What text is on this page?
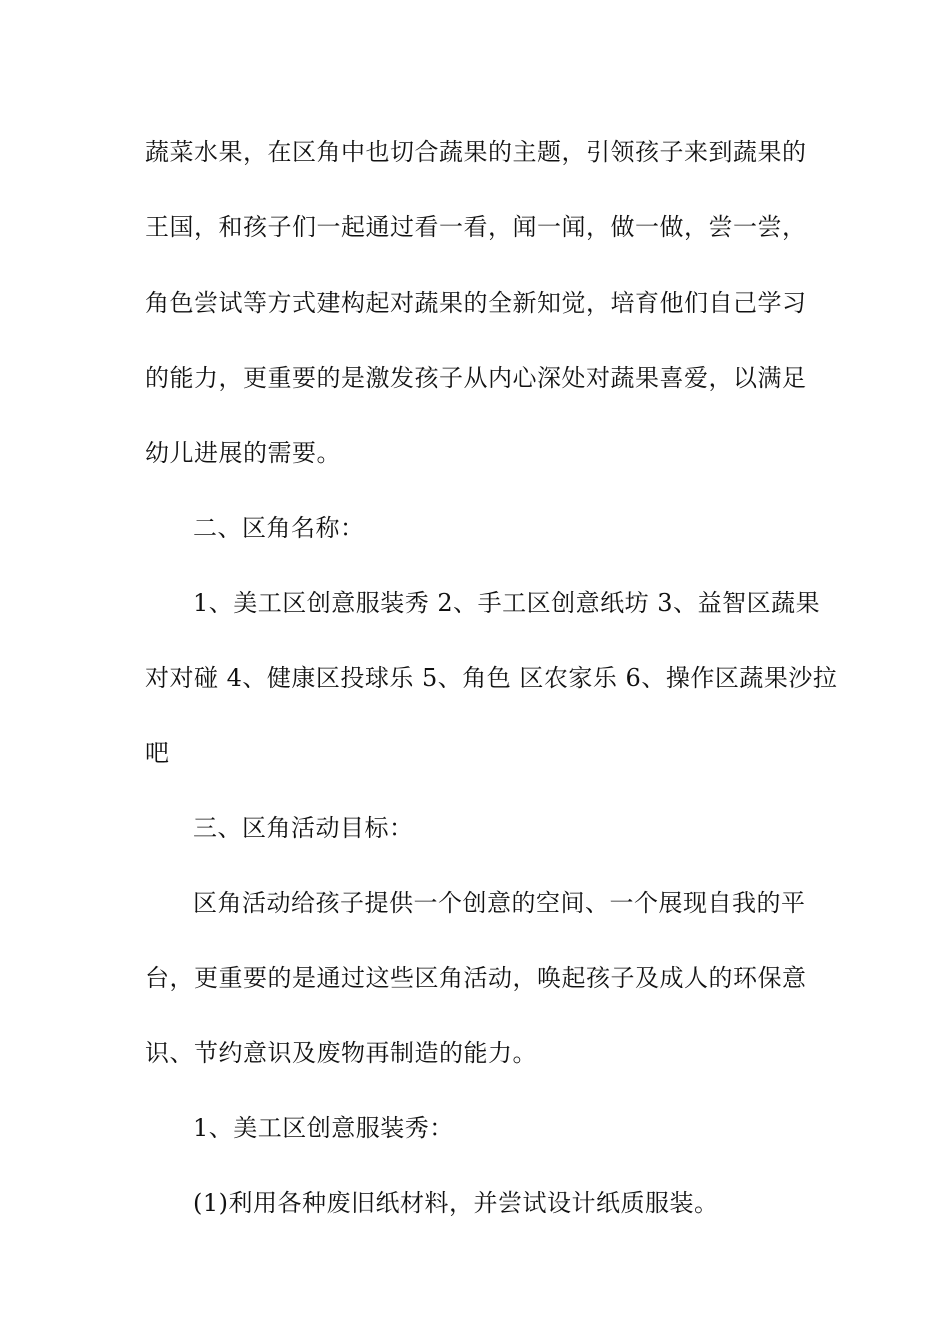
蔬菜水果，在区角中也切合蔬果的主题，引领孩子来到蔬果的
王国，和孩子们一起通过看一看，闻一闻，做一做，尝一尝，
角色尝试等方式建构起对蔬果的全新知觉，培育他们自己学习
的能力，更重要的是激发孩子从内心深处对蔬果喜爱，以满足
幼儿进展的需要。
二、区角名称：
1、美工区创意服装秀 2、手工区创意纸坊 3、益智区蔬果
对对碰 4、健康区投球乐 5、角色 区农家乐 6、操作区蔬果沙拉
吧
三、区角活动目标：
区角活动给孩子提供一个创意的空间、一个展现自我的平
台，更重要的是通过这些区角活动，唤起孩子及成人的环保意
识、节约意识及废物再制造的能力。
1、美工区创意服装秀：
(1)利用各种废旧纸材料，并尝试设计纸质服装。
